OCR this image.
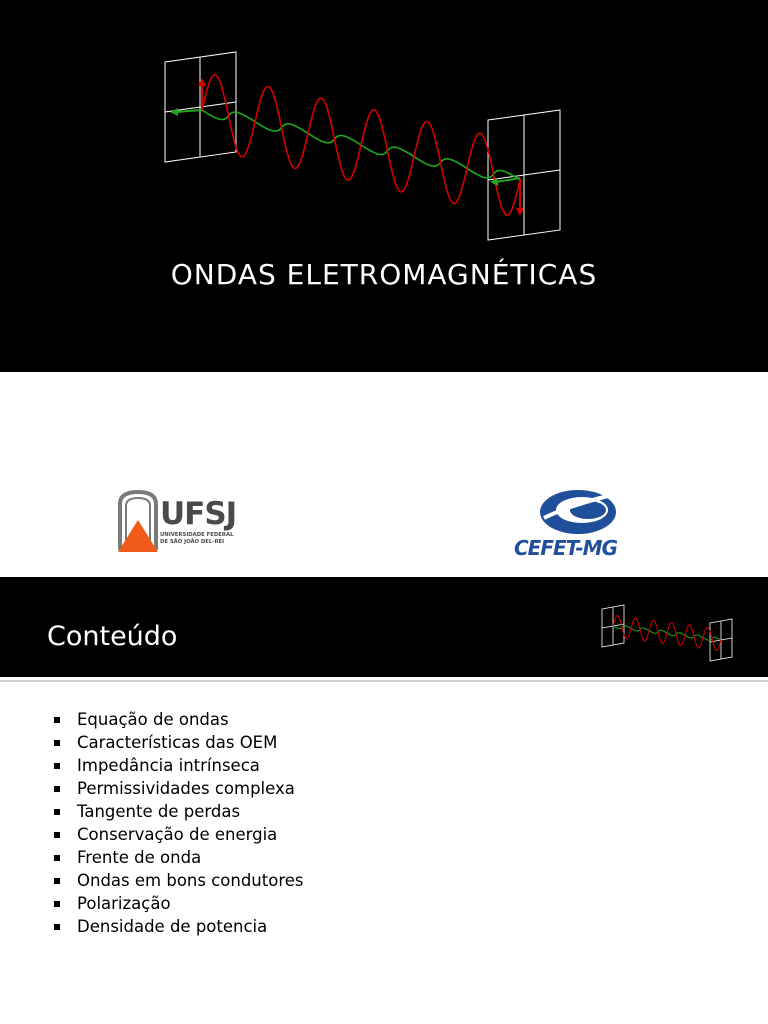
ONDAS ELETROMAGNÉTICAS
UFSJ
UNIVERSIDADE FEDERAL
DE SÃO JOÃO DEL-REI	CEFET-MG
Conteúdo
Equação de ondas
Características das OEM
Impedância intrínseca
Permissividades complexa
Tangente de perdas
Conservação de energia
Frente de onda
Ondas em bons condutores
Polarização
Densidade de potencia
